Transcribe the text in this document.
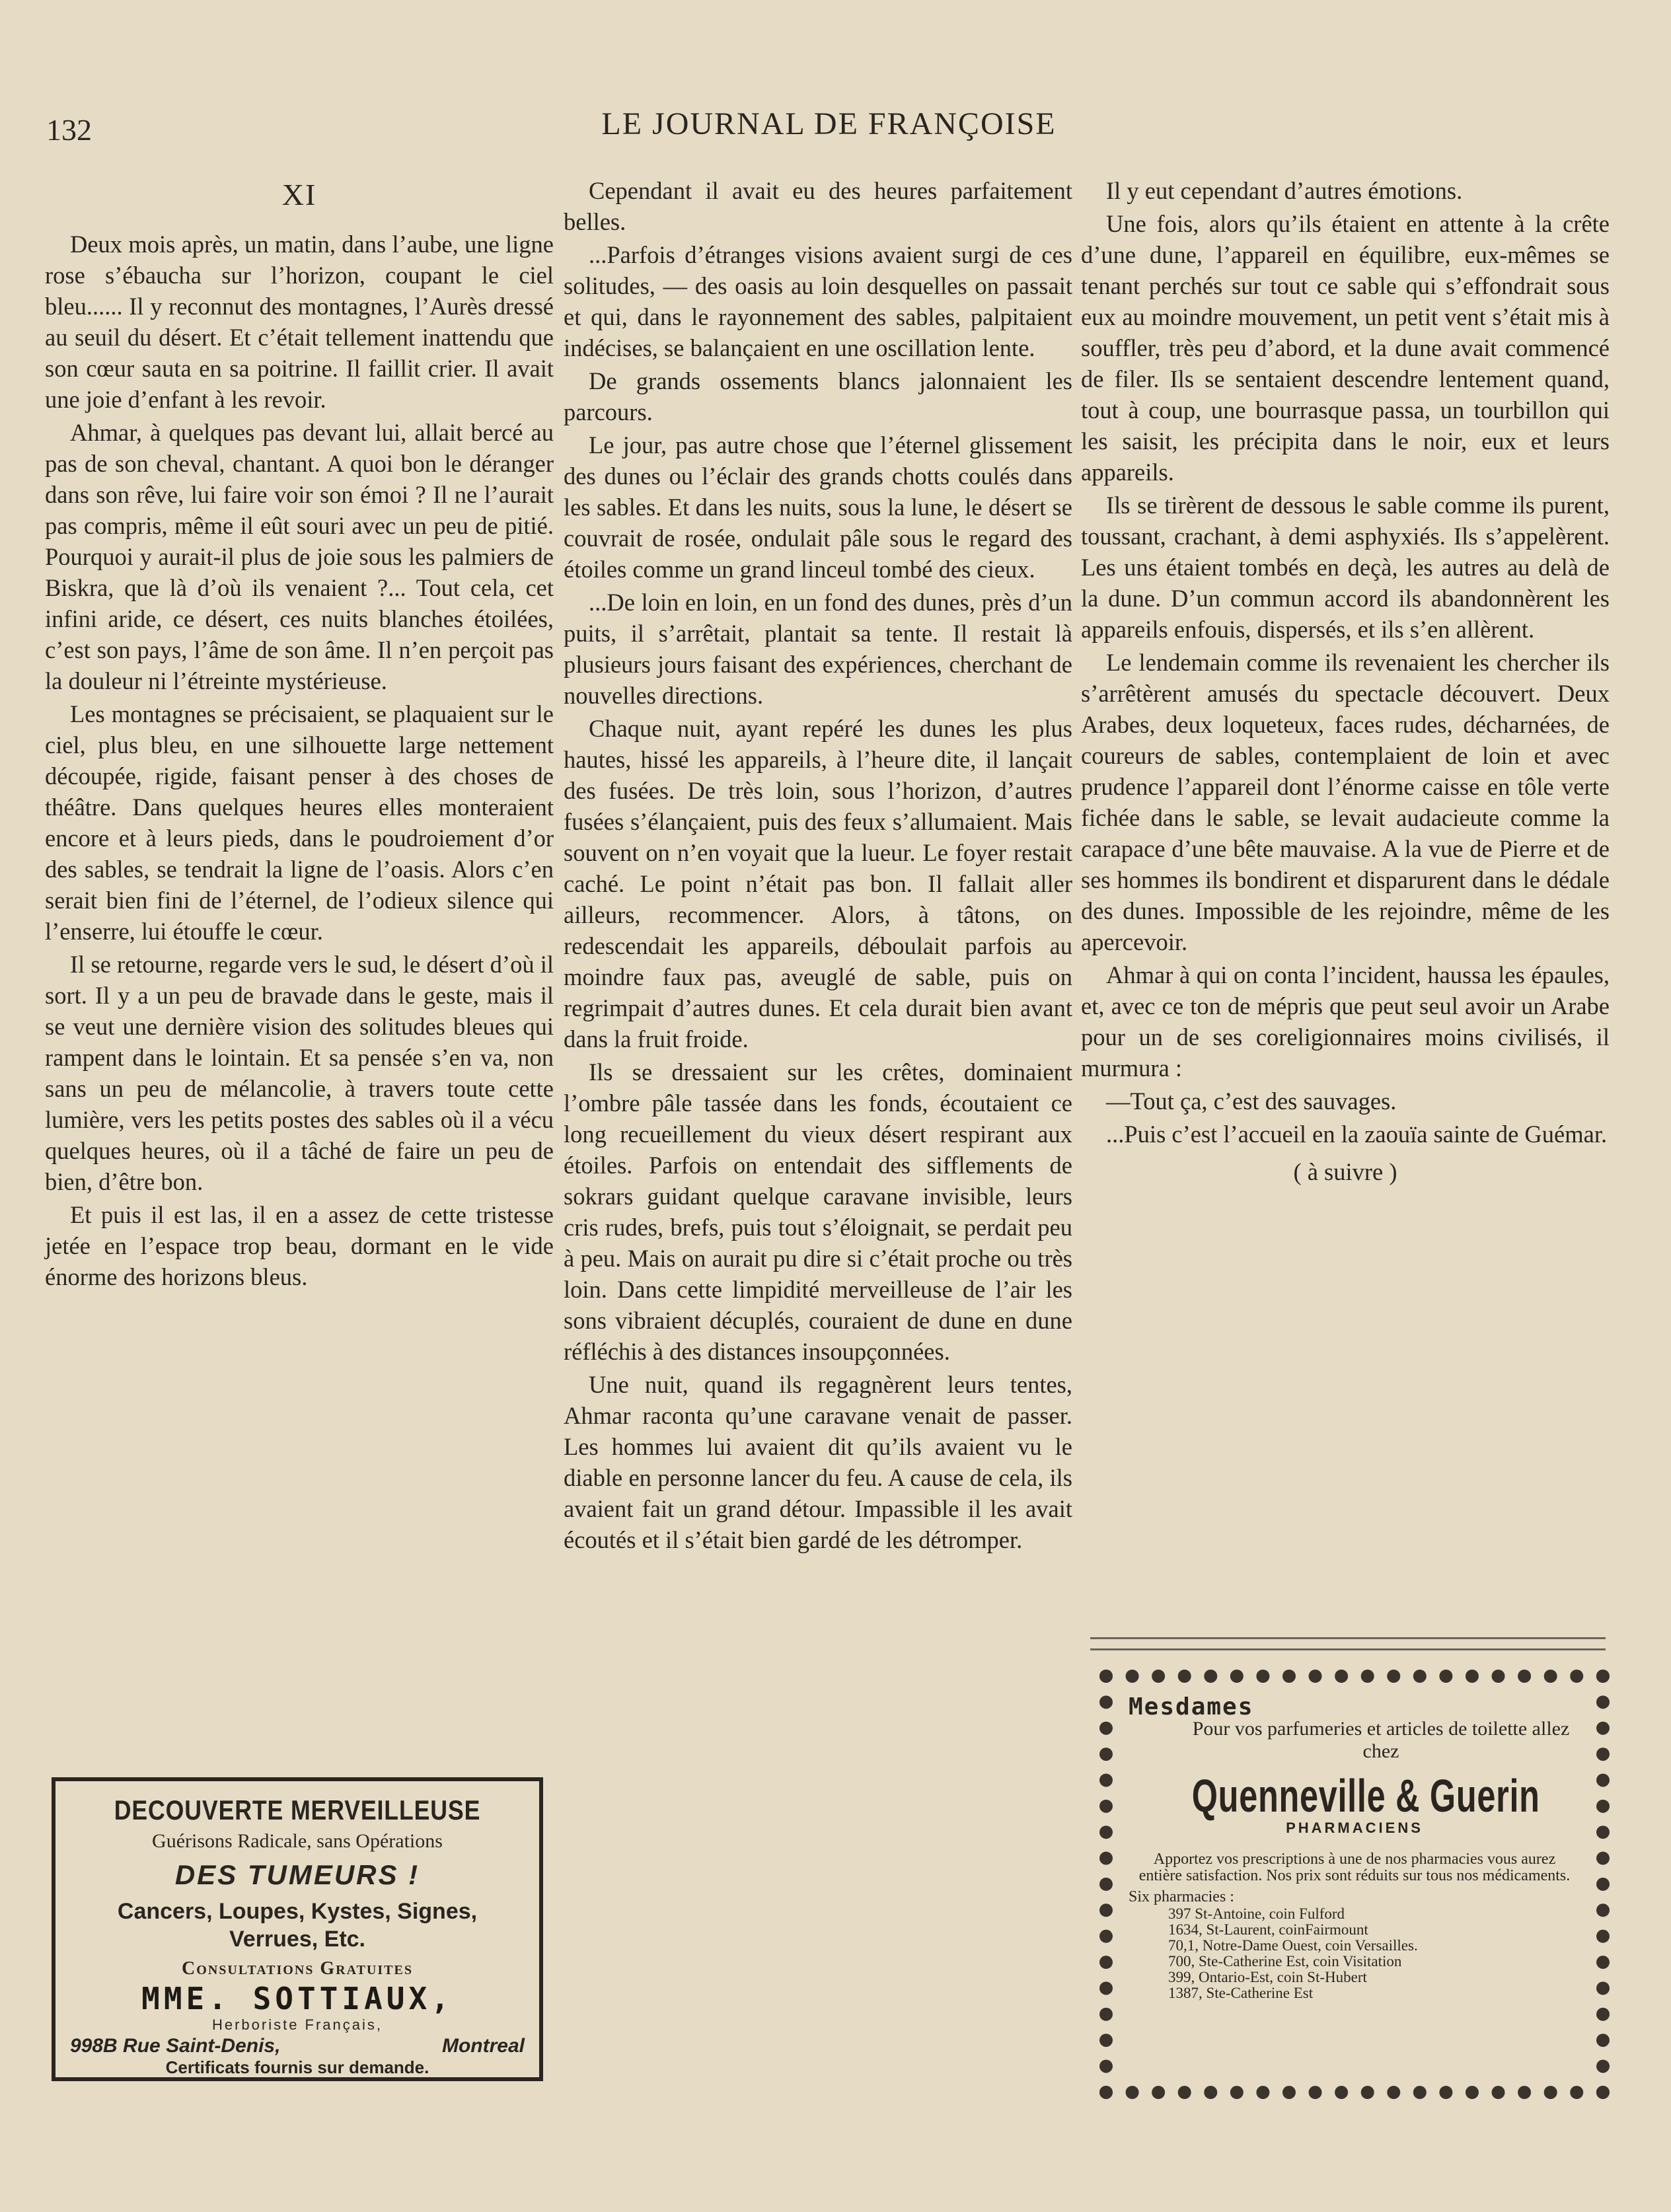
132	LE JOURNAL DE FRANÇOISE
XI

Deux mois après, un matin, dans l’aube, une ligne rose s’ébaucha sur l’horizon, coupant le ciel bleu...... Il y reconnut des montagnes, l’Aurès dressé au seuil du désert. Et c’était tellement inattendu que son cœur sauta en sa poitrine. Il faillit crier. Il avait une joie d’enfant à les revoir.

Ahmar, à quelques pas devant lui, allait bercé au pas de son cheval, chantant. A quoi bon le déranger dans son rêve, lui faire voir son émoi ? Il ne l’aurait pas compris, même il eût souri avec un peu de pitié. Pourquoi y aurait-il plus de joie sous les palmiers de Biskra, que là d’où ils venaient ?... Tout cela, cet infini aride, ce désert, ces nuits blanches étoilées, c’est son pays, l’âme de son âme. Il n’en perçoit pas la douleur ni l’étreinte mystérieuse.

Les montagnes se précisaient, se plaquaient sur le ciel, plus bleu, en une silhouette large nettement découpée, rigide, faisant penser à des choses de théâtre. Dans quelques heures elles monteraient encore et à leurs pieds, dans le poudroiement d’or des sables, se tendrait la ligne de l’oasis. Alors c’en serait bien fini de l’éternel, de l’odieux silence qui l’enserre, lui étouffe le cœur.

Il se retourne, regarde vers le sud, le désert d’où il sort. Il y a un peu de bravade dans le geste, mais il se veut une dernière vision des solitudes bleues qui rampent dans le lointain. Et sa pensée s’en va, non sans un peu de mélancolie, à travers toute cette lumière, vers les petits postes des sables où il a vécu quelques heures, où il a tâché de faire un peu de bien, d’être bon.

Et puis il est las, il en a assez de cette tristesse jetée en l’espace trop beau, dormant en le vide énorme des horizons bleus.

Cependant il avait eu des heures parfaitement belles.

...Parfois d’étranges visions avaient surgi de ces solitudes, — des oasis au loin desquelles on passait et qui, dans le rayonnement des sables, palpitaient indécises, se balançaient en une oscillation lente.

De grands ossements blancs jalonnaient les parcours.

Le jour, pas autre chose que l’éternel glissement des dunes ou l’éclair des grands chotts coulés dans les sables. Et dans les nuits, sous la lune, le désert se couvrait de rosée, ondulait pâle sous le regard des étoiles comme un grand linceul tombé des cieux.

...De loin en loin, en un fond des dunes, près d’un puits, il s’arrêtait, plantait sa tente. Il restait là plusieurs jours faisant des expériences, cherchant de nouvelles directions.

Chaque nuit, ayant repéré les dunes les plus hautes, hissé les appareils, à l’heure dite, il lançait des fusées. De très loin, sous l’horizon, d’autres fusées s’élançaient, puis des feux s’allumaient. Mais souvent on n’en voyait que la lueur. Le foyer restait caché. Le point n’était pas bon. Il fallait aller ailleurs, recommencer. Alors, à tâtons, on redescendait les appareils, déboulait parfois au moindre faux pas, aveuglé de sable, puis on regrimpait d’autres dunes. Et cela durait bien avant dans la fruit froide.

Ils se dressaient sur les crêtes, dominaient l’ombre pâle tassée dans les fonds, écoutaient ce long recueillement du vieux désert respirant aux étoiles. Parfois on entendait des sifflements de sokrars guidant quelque caravane invisible, leurs cris rudes, brefs, puis tout s’éloignait, se perdait peu à peu. Mais on aurait pu dire si c’était proche ou très loin. Dans cette limpidité merveilleuse de l’air les sons vibraient décuplés, couraient de dune en dune réfléchis à des distances insoupçonnées.

Une nuit, quand ils regagnèrent leurs tentes, Ahmar raconta qu’une caravane venait de passer. Les hommes lui avaient dit qu’ils avaient vu le diable en personne lancer du feu. A cause de cela, ils avaient fait un grand détour. Impassible il les avait écoutés et il s’était bien gardé de les détromper.

Il y eut cependant d’autres émotions.

Une fois, alors qu’ils étaient en attente à la crête d’une dune, l’appareil en équilibre, eux-mêmes se tenant perchés sur tout ce sable qui s’effondrait sous eux au moindre mouvement, un petit vent s’était mis à souffler, très peu d’abord, et la dune avait commencé de filer. Ils se sentaient descendre lentement quand, tout à coup, une bourrasque passa, un tourbillon qui les saisit, les précipita dans le noir, eux et leurs appareils.

Ils se tirèrent de dessous le sable comme ils purent, toussant, crachant, à demi asphyxiés. Ils s’appelèrent. Les uns étaient tombés en deçà, les autres au delà de la dune. D’un commun accord ils abandonnèrent les appareils enfouis, dispersés, et ils s’en allèrent.

Le lendemain comme ils revenaient les chercher ils s’arrêtèrent amusés du spectacle découvert. Deux Arabes, deux loqueteux, faces rudes, décharnées, de coureurs de sables, contemplaient de loin et avec prudence l’appareil dont l’énorme caisse en tôle verte fichée dans le sable, se levait audacieute comme la carapace d’une bête mauvaise. A la vue de Pierre et de ses hommes ils bondirent et disparurent dans le dédale des dunes. Impossible de les rejoindre, même de les apercevoir.

Ahmar à qui on conta l’incident, haussa les épaules, et, avec ce ton de mépris que peut seul avoir un Arabe pour un de ses coreligionnaires moins civilisés, il murmura :

—Tout ça, c’est des sauvages.

...Puis c’est l’accueil en la zaouïa sainte de Guémar.

( à suivre )

DECOUVERTE MERVEILLEUSE
Guérisons Radicale, sans Opérations
DES TUMEURS !
Cancers, Loupes, Kystes, Signes, Verrues, Etc.
Consultations Gratuites
MME. SOTTIAUX,
Herboriste Français,
998B Rue Saint-Denis,	Montreal
Certificats fournis sur demande.
Mesdames
Pour vos parfumeries et articles de toilette allez chez
Quenneville & Guerin
PHARMACIENS
Apportez vos prescriptions à une de nos pharmacies vous aurez entière satisfaction. Nos prix sont réduits sur tous nos médicaments.
Six pharmacies :
397 St-Antoine, coin Fulford
1634, St-Laurent, coinFairmount
70,1, Notre-Dame Ouest, coin Versailles.
700, Ste-Catherine Est, coin Visitation
399, Ontario-Est, coin St-Hubert
1387, Ste-Catherine Est
